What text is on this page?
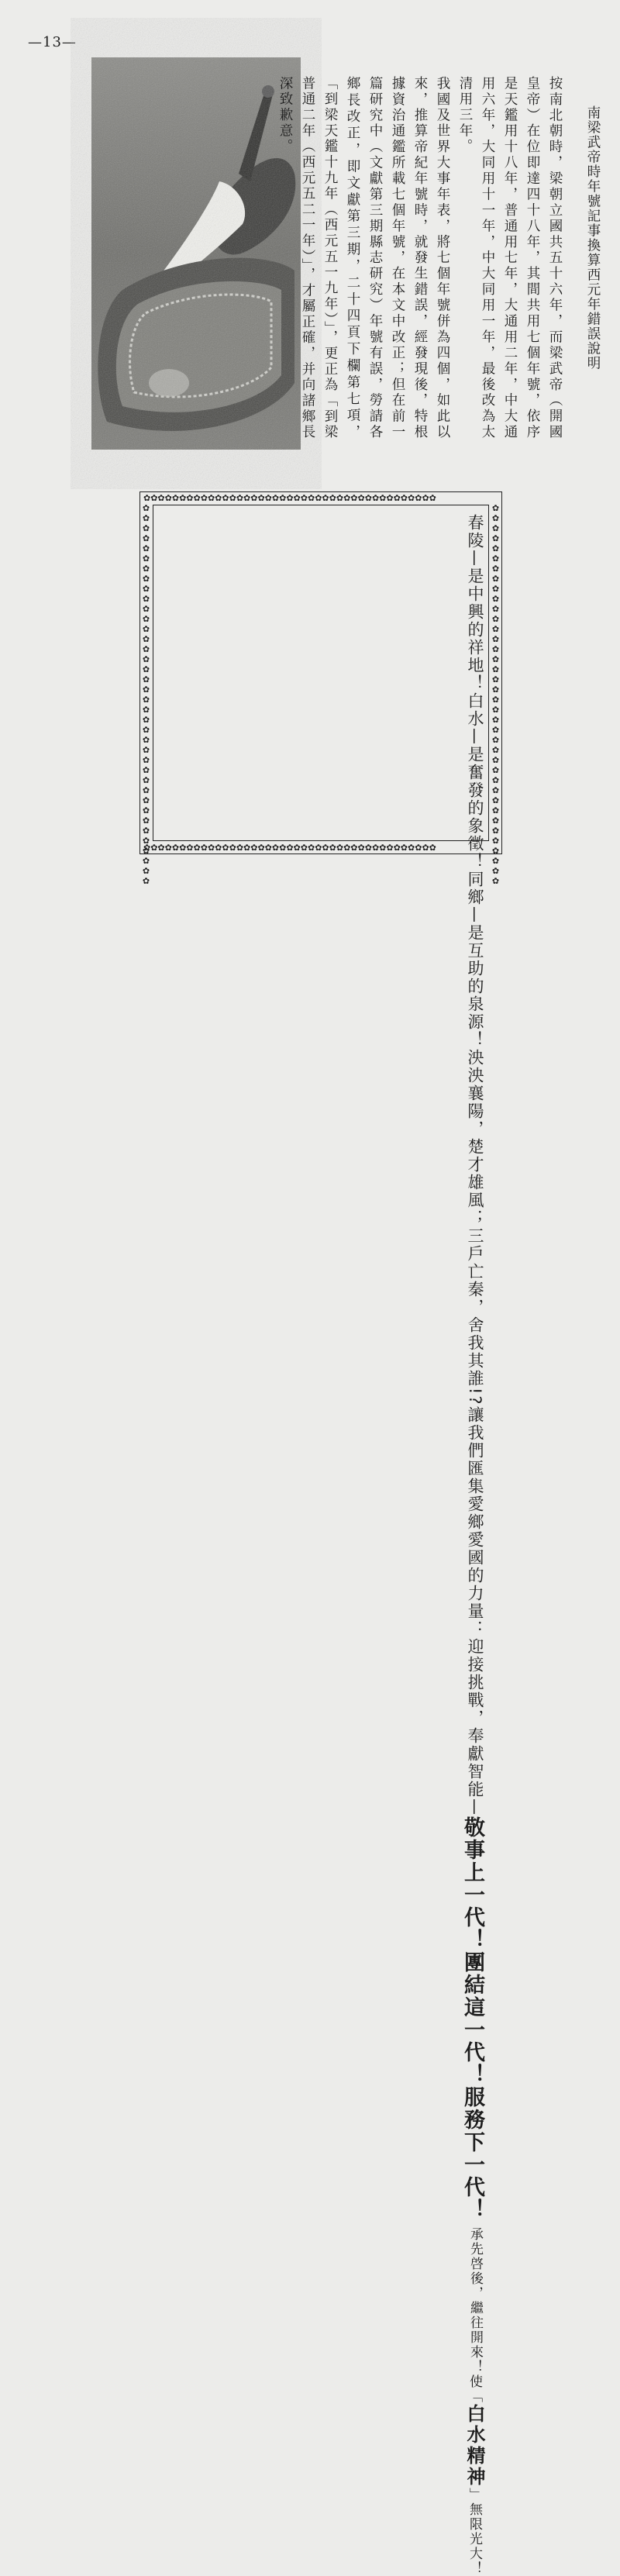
—13—
南梁武帝時年號記事換算西元年錯誤說明

按南北朝時，梁朝立國共五十六年，而梁武帝（開國皇帝）在位即達四十八年，其間共用七個年號，依序是天鑑用十八年，普通用七年，大通用二年，中大通用六年，大同用十一年，中大同用一年，最後改為太清用三年。

我國及世界大事年表，將七個年號併為四個，如此以來，推算帝紀年號時，就發生錯誤，經發現後，特根據資治通鑑所載七個年號，在本文中改正；但在前一篇研究中（文獻第三期縣志研究）年號有誤，勞請各鄉長改正，即文獻第三期，二十四頁下欄第七項，「到梁天鑑十九年（西元五一九年）」，更正為「到梁普通二年（西元五二一年）」，才屬正確，并向諸鄉長深致歉意。

✿✿✿✿✿✿✿✿✿✿✿✿✿✿✿✿✿✿✿✿✿✿✿✿✿✿✿✿✿✿✿✿✿✿✿✿✿✿✿✿✿
✿✿✿✿✿✿✿✿✿✿✿✿✿✿✿✿✿✿✿✿✿✿✿✿✿✿✿✿✿✿✿✿✿✿✿✿✿✿✿✿✿
✿✿✿✿✿✿✿✿✿✿✿✿✿✿✿✿✿✿✿✿✿✿✿✿✿✿✿✿✿✿✿✿✿✿✿✿✿✿	✿✿✿✿✿✿✿✿✿✿✿✿✿✿✿✿✿✿✿✿✿✿✿✿✿✿✿✿✿✿✿✿✿✿✿✿✿✿

春陵—是中興的祥地！

白水—是奮發的象徵！

同鄉—是互助的泉源！

泱泱襄陽，楚才雄風；

三戶亡秦，舍我其誰!?

讓我們匯集愛鄉愛國的力量：

迎接挑戰，奉獻智能—

敬事上一代！

團結這一代！

服務下一代！

承先啓後，繼往開來！

使「白水精神」無限光大！
